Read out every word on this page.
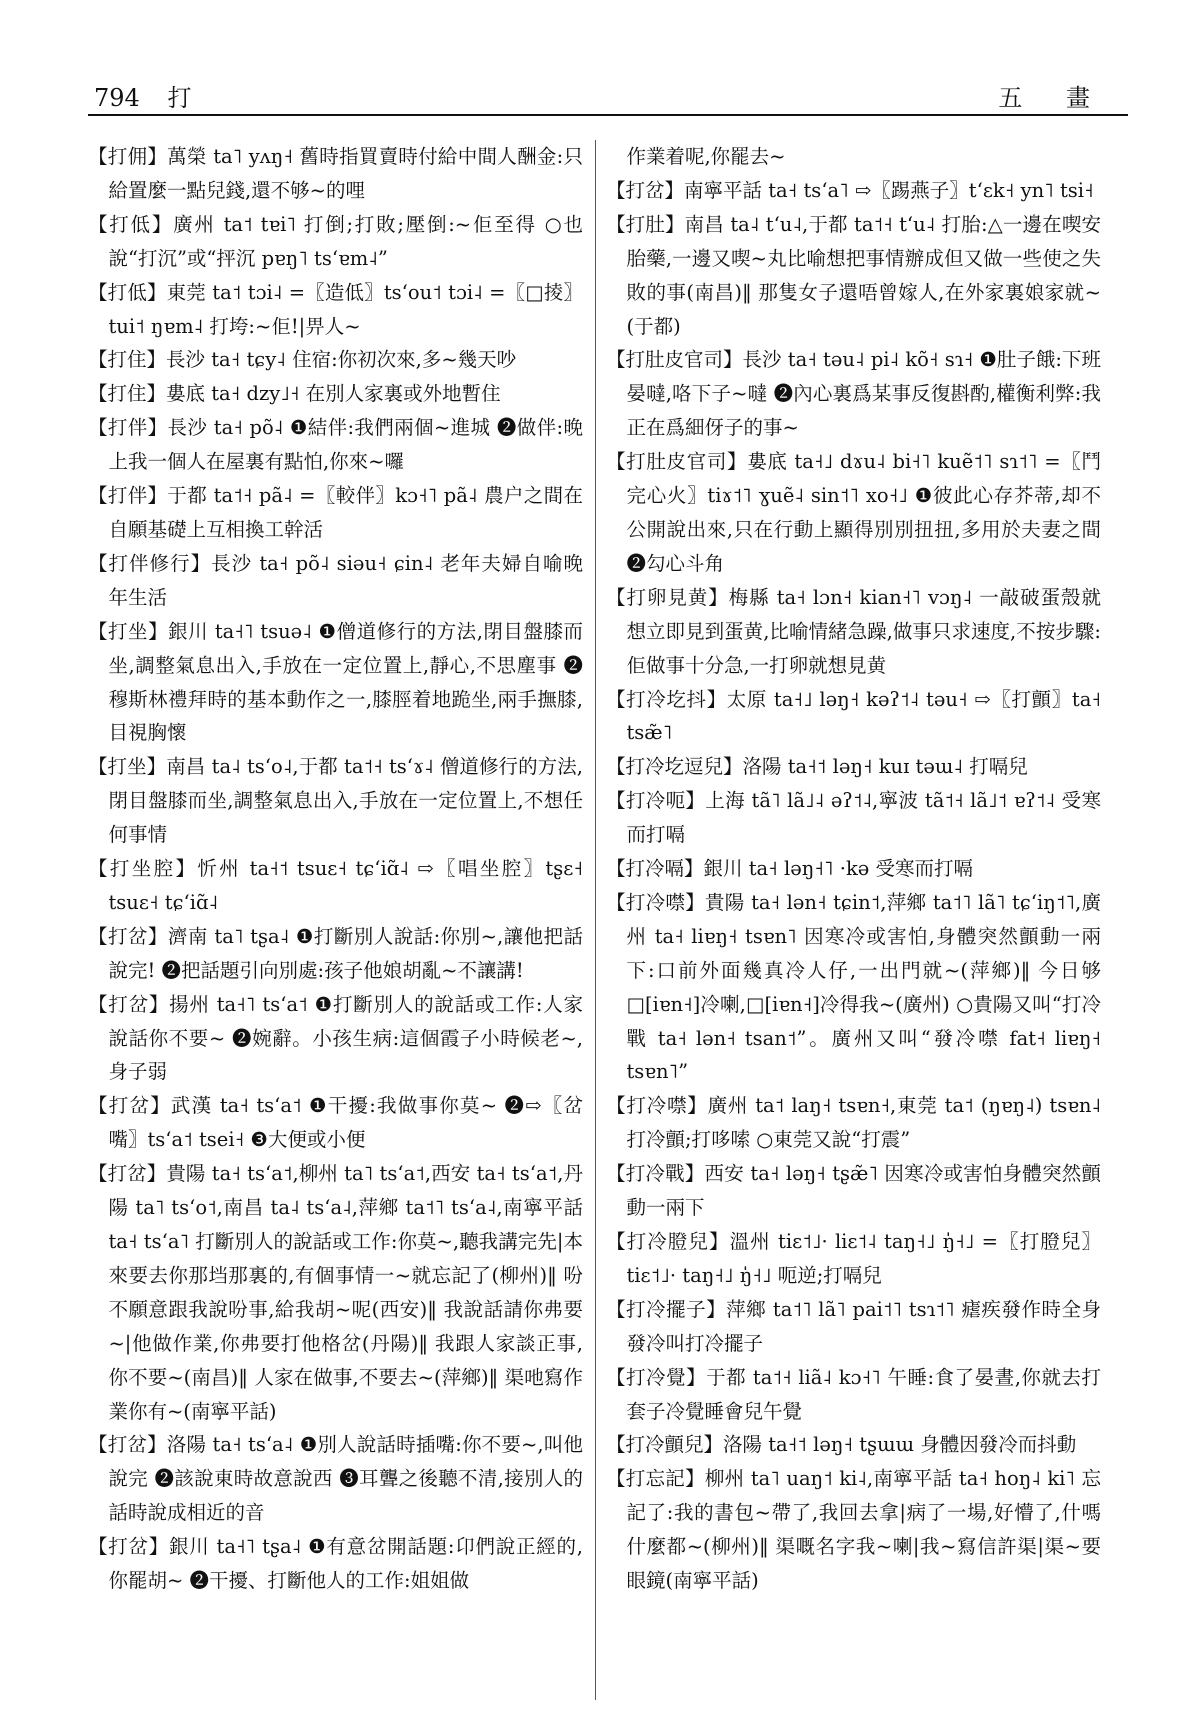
794 打	五 畫

【打佣】萬榮 ta˥ yʌŋ˧ 舊時指買賣時付給中間人酬金:只給置麼一點兒錢,還不够~的哩

【打低】廣州 ta˦ tɐi˥ 打倒;打敗;壓倒:~佢至得 ○也說“打沉”或“抨沉 pɐŋ˥ tsʻɐm˨”

【打低】東莞 ta˦ tɔi˨ =〖造低〗tsʻou˦ tɔi˨ =〖□掕〗tui˦ ŋɐm˨ 打垮:~佢!|畀人~

【打住】長沙 ta˧ tɕy˨ 住宿:你初次來,多~幾天吵

【打住】婁底 ta˧ dzy˩˧ 在別人家裏或外地暫住

【打伴】長沙 ta˧ põ˨ ❶結伴:我們兩個~進城 ❷做伴:晚上我一個人在屋裏有點怕,你來~囉

【打伴】于都 ta˦˧ pã˨ =〖較伴〗kɔ˧˥ pã˨ 農户之間在自願基礎上互相換工幹活

【打伴修行】長沙 ta˧ põ˨ siəu˧ ɕin˨ 老年夫婦自喻晚年生活

【打坐】銀川 ta˧˥ tsuə˨ ❶僧道修行的方法,閉目盤膝而坐,調整氣息出入,手放在一定位置上,靜心,不思塵事 ❷穆斯林禮拜時的基本動作之一,膝脛着地跪坐,兩手撫膝,目視胸懷

【打坐】南昌 ta˨ tsʻo˨,于都 ta˦˧ tsʻɤ˨ 僧道修行的方法,閉目盤膝而坐,調整氣息出入,手放在一定位置上,不想任何事情

【打坐腔】忻州 ta˧˦ tsuɛ˧ tɕʻiɑ̃˨ ⇨〖唱坐腔〗tʂɛ˧ tsuɛ˧ tɕʻiɑ̃˨

【打岔】濟南 ta˥ tʂa˨ ❶打斷別人說話:你別~,讓他把話說完! ❷把話題引向別處:孩子他娘胡亂~不讓講!

【打岔】揚州 ta˧˥ tsʻa˦ ❶打斷別人的說話或工作:人家說話你不要~ ❷婉辭。小孩生病:這個霞子小時候老~,身子弱

【打岔】武漢 ta˧ tsʻa˦ ❶干擾:我做事你莫~ ❷⇨〖岔嘴〗tsʻa˦ tsei˧ ❸大便或小便

【打岔】貴陽 ta˧ tsʻa˦,柳州 ta˥ tsʻa˦,西安 ta˧ tsʻa˦,丹陽 ta˥ tsʻo˦,南昌 ta˨ tsʻa˨,萍鄉 ta˦˥ tsʻa˨,南寧平話 ta˧ tsʻa˥ 打斷別人的說話或工作:你莫~,聽我講完先|本來要去你那垱那裏的,有個事情一~就忘記了(柳州)‖ 吩不願意跟我說吩事,給我胡~呢(西安)‖ 我說話請你弗要~|他做作業,你弗要打他格岔(丹陽)‖ 我跟人家談正事,你不要~(南昌)‖ 人家在做事,不要去~(萍鄉)‖ 渠吔寫作業你有~(南寧平話)

【打岔】洛陽 ta˧ tsʻa˨ ❶別人說話時插嘴:你不要~,叫他說完 ❷該說東時故意說西 ❸耳聾之後聽不清,接別人的話時說成相近的音

【打岔】銀川 ta˧˥ tʂa˨ ❶有意岔開話題:卬們說正經的,你罷胡~ ❷干擾、打斷他人的工作:姐姐做

作業着呢,你罷去~

【打岔】南寧平話 ta˧ tsʻa˥ ⇨〖踢燕子〗tʻɛk˧ yn˥ tsi˧

【打肚】南昌 ta˨ tʻu˨,于都 ta˦˧ tʻu˨ 打胎:△一邊在喫安胎藥,一邊又喫~丸比喻想把事情辦成但又做一些使之失敗的事(南昌)‖ 那隻女子還唔曾嫁人,在外家裏娘家就~(于都)

【打肚皮官司】長沙 ta˧ təu˨ pi˨ kõ˧ sɿ˧ ❶肚子餓:下班晏噠,咯下子~噠 ❷內心裏爲某事反復斟酌,權衡利弊:我正在爲細伢子的事~

【打肚皮官司】婁底 ta˧˩ dɤu˨ bi˧˥ kuẽ˦˥ sɿ˦˥ =〖鬥完心火〗tiɤ˦˥ ɣuẽ˨ sin˦˥ xo˧˩ ❶彼此心存芥蒂,却不公開說出來,只在行動上顯得別別扭扭,多用於夫妻之間 ❷勾心斗角

【打卵見黄】梅縣 ta˧ lɔn˧ kian˧˥ vɔŋ˨ 一敲破蛋殼就想立即見到蛋黄,比喻情緒急躁,做事只求速度,不按步驟:佢做事十分急,一打卵就想見黄

【打冷圪抖】太原 ta˧˩ ləŋ˧ kəʔ˦˨ təu˧ ⇨〖打顫〗ta˧ tsæ̃˥

【打冷圪逗兒】洛陽 ta˧˦ ləŋ˧ kuɪ təɯ˨ 打嗝兒

【打冷呃】上海 tã˥ lã˩˨ əʔ˦˨,寧波 tã˦˧ lã˩˦ ɐʔ˦˨ 受寒而打嗝

【打冷嗝】銀川 ta˧ ləŋ˧˥ ·kə 受寒而打嗝

【打冷噤】貴陽 ta˧ lən˧ tɕin˦,萍鄉 ta˦˥ lã˥ tɕʻiŋ˦˥,廣州 ta˧ liɐŋ˧ tsɐn˥ 因寒冷或害怕,身體突然顫動一兩下:口前外面幾真冷人仔,一出門就~(萍鄉)‖ 今日够□[iɐn˧]冷喇,□[iɐn˧]冷得我~(廣州) ○貴陽又叫“打冷戰 ta˧ lən˧ tsan˦”。廣州又叫“發冷噤 fat˧ liɐŋ˧ tsɐn˥”

【打冷噤】廣州 ta˦ laŋ˧ tsɐn˧,東莞 ta˦ (ŋɐŋ˨) tsɐn˨ 打冷顫;打哆嗦 ○東莞又說“打震”

【打冷戰】西安 ta˧ ləŋ˧ tʂæ̃˥ 因寒冷或害怕身體突然顫動一兩下

【打冷膯兒】溫州 tiɛ˦˩· liɛ˦˨ taŋ˧˩ ŋ̍˧˩ =〖打膯兒〗tiɛ˦˩· taŋ˧˩ ŋ̍˧˩ 呃逆;打嗝兒

【打冷擺子】萍鄉 ta˦˥ lã˥ pai˦˥ tsɿ˦˥ 瘧疾發作時全身發冷叫打冷擺子

【打冷覺】于都 ta˦˧ liã˨ kɔ˧˥ 午睡:食了晏晝,你就去打套子冷覺睡會兒午覺

【打冷顫兒】洛陽 ta˧˦ ləŋ˧ tʂɯɯ 身體因發冷而抖動

【打忘記】柳州 ta˥ uaŋ˦ ki˨,南寧平話 ta˧ hoŋ˨ ki˥ 忘記了:我的書包~帶了,我回去拿|病了一場,好懵了,什嗎什麼都~(柳州)‖ 渠嘅名字我~喇|我~寫信許渠|渠~要眼鏡(南寧平話)
